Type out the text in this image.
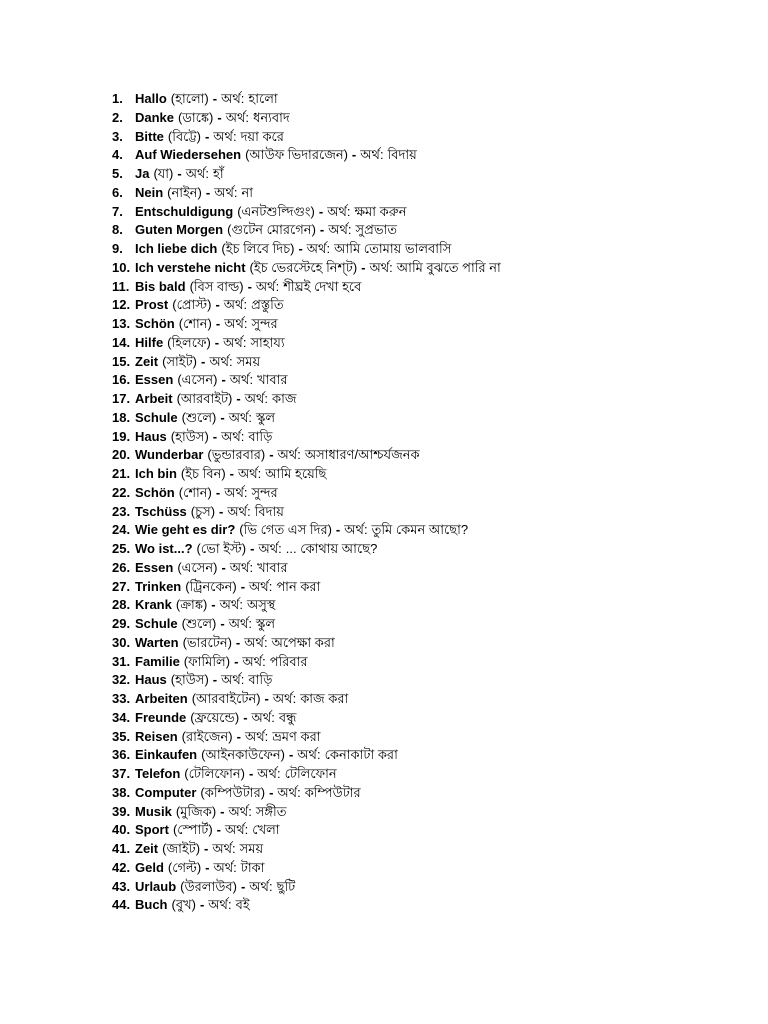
1. Hallo (হালো) - অর্থ: হালো
2. Danke (ডাঙ্কে) - অর্থ: ধন্যবাদ
3. Bitte (বিট্টে) - অর্থ: দয়া করে
4. Auf Wiedersehen (আউফ ভিদারজেন) - অর্থ: বিদায়
5. Ja (যা) - অর্থ: হাঁ
6. Nein (নাইন) - অর্থ: না
7. Entschuldigung (এনটশুল্দিগুং) - অর্থ: ক্ষমা করুন
8. Guten Morgen (গুটেন মোরগেন) - অর্থ: সুপ্রভাত
9. Ich liebe dich (ইচ লিবে দিচ) - অর্থ: আমি তোমায় ভালবাসি
10. Ich verstehe nicht (ইচ ভেরস্টেহে নিশ্ট) - অর্থ: আমি বুঝতে পারি না
11. Bis bald (বিস বাল্ড) - অর্থ: শীঘ্রই দেখা হবে
12. Prost (প্রোস্ট) - অর্থ: প্রস্তুতি
13. Schön (শোন) - অর্থ: সুন্দর
14. Hilfe (হিলফে) - অর্থ: সাহায্য
15. Zeit (সাইট) - অর্থ: সময়
16. Essen (এসেন) - অর্থ: খাবার
17. Arbeit (আরবাইট) - অর্থ: কাজ
18. Schule (শুলে) - অর্থ: স্কুল
19. Haus (হাউস) - অর্থ: বাড়ি
20. Wunderbar (ভুন্ডারবার) - অর্থ: অসাধারণ/আশ্চর্যজনক
21. Ich bin (ইচ বিন) - অর্থ: আমি হয়েছি
22. Schön (শোন) - অর্থ: সুন্দর
23. Tschüss (চুস) - অর্থ: বিদায়
24. Wie geht es dir? (ভি গেত এস দির) - অর্থ: তুমি কেমন আছো?
25. Wo ist...? (ভো ইস্ট) - অর্থ: ... কোথায় আছে?
26. Essen (এসেন) - অর্থ: খাবার
27. Trinken (ট্রিনকেন) - অর্থ: পান করা
28. Krank (ক্রাঙ্ক) - অর্থ: অসুস্থ
29. Schule (শুলে) - অর্থ: স্কুল
30. Warten (ভারটেন) - অর্থ: অপেক্ষা করা
31. Familie (ফামিলি) - অর্থ: পরিবার
32. Haus (হাউস) - অর্থ: বাড়ি
33. Arbeiten (আরবাইটেন) - অর্থ: কাজ করা
34. Freunde (ফ্রয়েন্ডে) - অর্থ: বন্ধু
35. Reisen (রাইজেন) - অর্থ: ভ্রমণ করা
36. Einkaufen (আইনকাউফেন) - অর্থ: কেনাকাটা করা
37. Telefon (টেলিফোন) - অর্থ: টেলিফোন
38. Computer (কম্পিউটার) - অর্থ: কম্পিউটার
39. Musik (মুজিক) - অর্থ: সঙ্গীত
40. Sport (স্পোর্ট) - অর্থ: খেলা
41. Zeit (জাইট) - অর্থ: সময়
42. Geld (গেল্ট) - অর্থ: টাকা
43. Urlaub (উরলাউব) - অর্থ: ছুটি
44. Buch (বুখ) - অর্থ: বই
